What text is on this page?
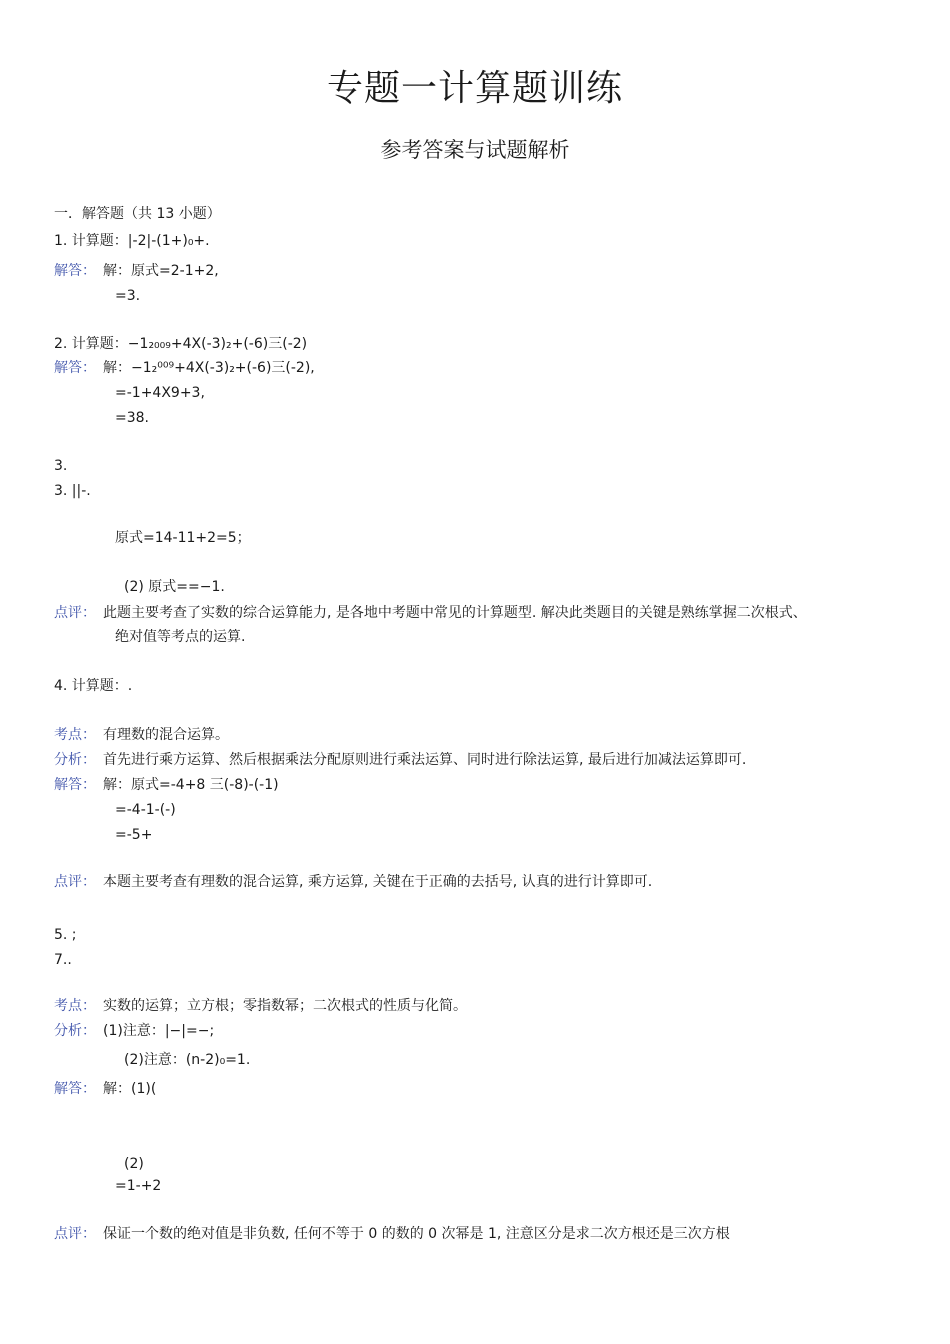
专题一计算题训练
参考答案与试题解析
一．解答题（共 13 小题）
1. 计算题：|-2|-(1+)₀+.
解答： 解：原式=2-1+2,
=3.
2. 计算题：−1₂₀₀₉+4X(-3)₂+(-6)三(-2)
解答： 解：−1₂⁰⁰⁹+4X(-3)₂+(-6)三(-2),
=-1+4X9+3,
=38.
3.
3. ||-.
原式=14-11+2=5；
(2) 原式==−1.
点评： 此题主要考查了实数的综合运算能力, 是各地中考题中常见的计算题型. 解决此类题目的关键是熟练掌握二次根式、
绝对值等考点的运算.
4. 计算题：.
考点： 有理数的混合运算。
分析： 首先进行乘方运算、然后根据乘法分配原则进行乘法运算、同时进行除法运算, 最后进行加减法运算即可.
解答： 解：原式=-4+8 三(-8)-(-1)
=-4-1-(-)
=-5+
点评： 本题主要考查有理数的混合运算, 乘方运算, 关键在于正确的去括号, 认真的进行计算即可.
5. ;
7..
考点： 实数的运算；立方根；零指数幂；二次根式的性质与化简。
分析： (1)注意：|−|=−;
(2)注意：(n-2)₀=1.
解答： 解：(1)(
(2)
=1-+2
点评： 保证一个数的绝对值是非负数, 任何不等于 0 的数的 0 次幂是 1, 注意区分是求二次方根还是三次方根
